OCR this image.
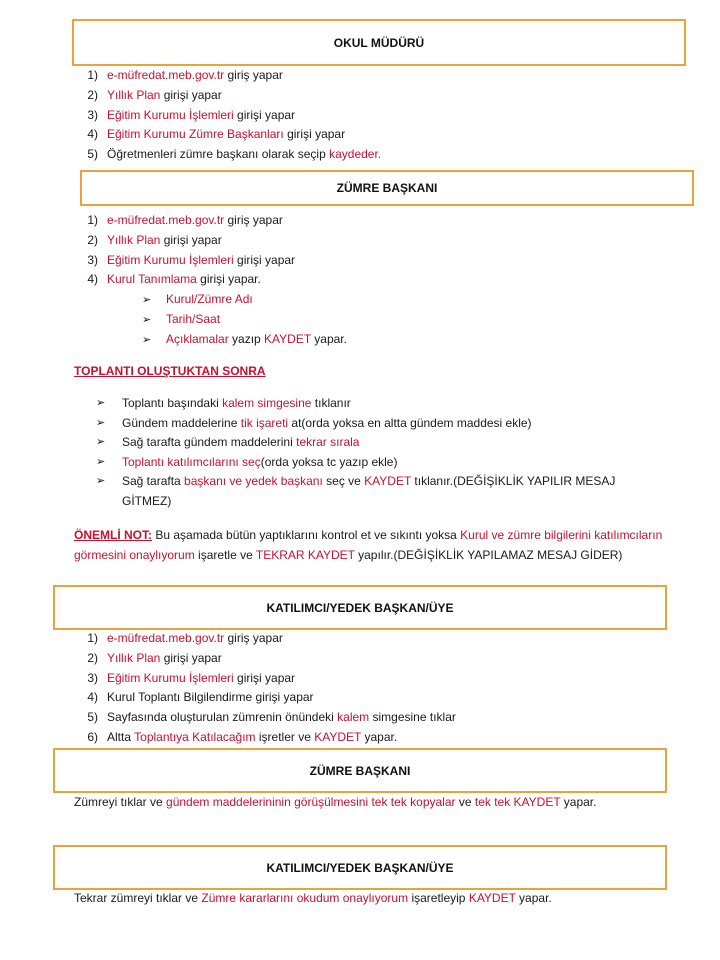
OKUL MÜDÜRÜ
1) e-müfredat.meb.gov.tr giriş yapar
2) Yıllık Plan girişi yapar
3) Eğitim Kurumu İşlemleri girişi yapar
4) Eğitim Kurumu Zümre Başkanları girişi yapar
5) Öğretmenleri zümre başkanı olarak seçip kaydeder.
ZÜMRE BAŞKANI
1) e-müfredat.meb.gov.tr giriş yapar
2) Yıllık Plan girişi yapar
3) Eğitim Kurumu İşlemleri girişi yapar
4) Kurul Tanımlama girişi yapar.
➢ Kurul/Zümre Adı
➢ Tarih/Saat
➢ Açıklamalar yazıp KAYDET yapar.
TOPLANTI OLUŞTUKTAN SONRA
➢ Toplantı başındaki kalem simgesine tıklanır
➢ Gündem maddelerine tik işareti at(orda yoksa en altta gündem maddesi ekle)
➢ Sağ tarafta gündem maddelerini tekrar sırala
➢ Toplantı katılımcılarını seç(orda yoksa tc yazıp ekle)
➢ Sağ tarafta başkanı ve yedek başkanı seç ve KAYDET tıklanır.(DEĞİŞİKLİK YAPILIR MESAJ GİTMEZ)
ÖNEMLİ NOT: Bu aşamada bütün yaptıklarını kontrol et ve sıkıntı yoksa Kurul ve zümre bilgilerini katılımcıların görmesini onaylıyorum işaretle ve TEKRAR KAYDET yapılır.(DEĞİŞİKLİK YAPILAMAZ MESAJ GİDER)
KATILIMCI/YEDEK BAŞKAN/ÜYE
1) e-müfredat.meb.gov.tr giriş yapar
2) Yıllık Plan girişi yapar
3) Eğitim Kurumu İşlemleri girişi yapar
4) Kurul Toplantı Bilgilendirme girişi yapar
5) Sayfasında oluşturulan zümrenin önündeki kalem simgesine tıklar
6) Altta Toplantıya Katılacağım işretler ve KAYDET yapar.
ZÜMRE BAŞKANI
Zümreyi tıklar ve gündem maddelerininin görüşülmesini tek tek kopyalar ve tek tek KAYDET yapar.
KATILIMCI/YEDEK BAŞKAN/ÜYE
Tekrar zümreyi tıklar ve Zümre kararlarını okudum onaylıyorum işaretleyip KAYDET yapar.
